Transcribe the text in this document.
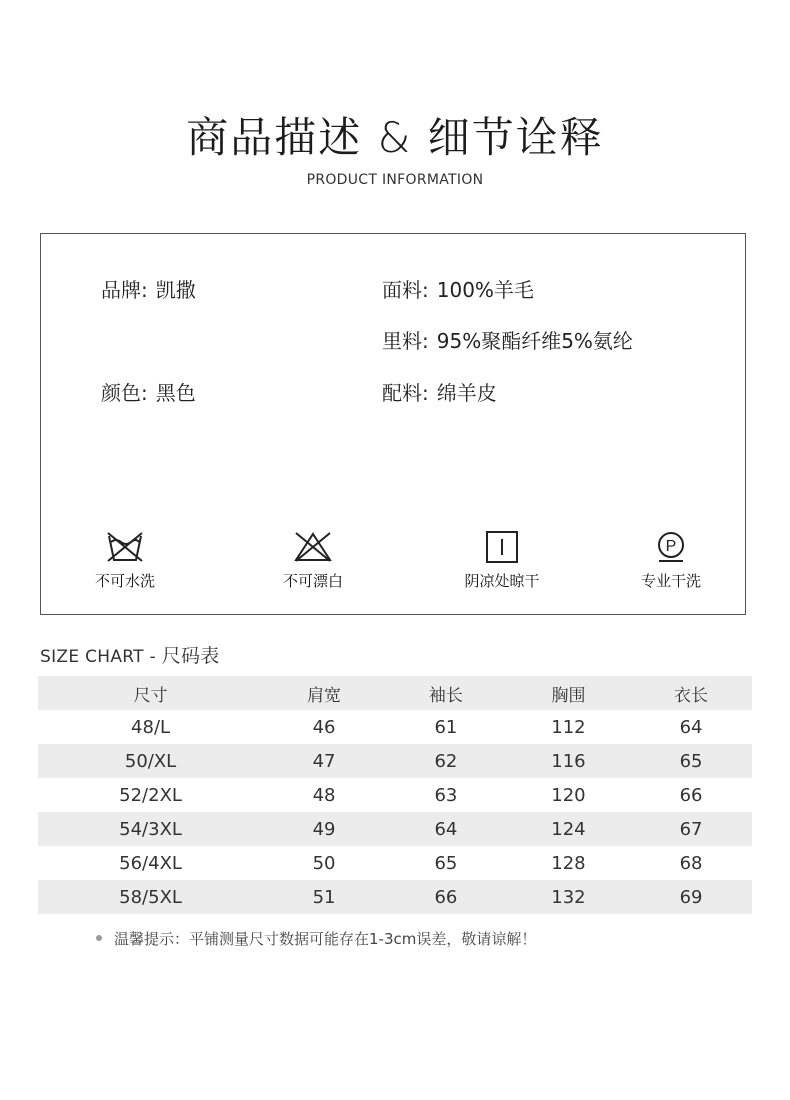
商品描述 & 细节诠释
PRODUCT INFORMATION
品牌: 凯撒
颜色: 黑色
面料: 100%羊毛
里料: 95%聚酯纤维5%氨纶
配料: 绵羊皮
不可水洗	不可漂白	阴凉处晾干
P
专业干洗
SIZE CHART - 尺码表
尺寸	肩宽	袖长	胸围	衣长
48/L	46	61	112	64
50/XL	47	62	116	65
52/2XL	48	63	120	66
54/3XL	49	64	124	67
56/4XL	50	65	128	68
58/5XL	51	66	132	69
温馨提示：平铺测量尺寸数据可能存在1-3cm误差，敬请谅解！
